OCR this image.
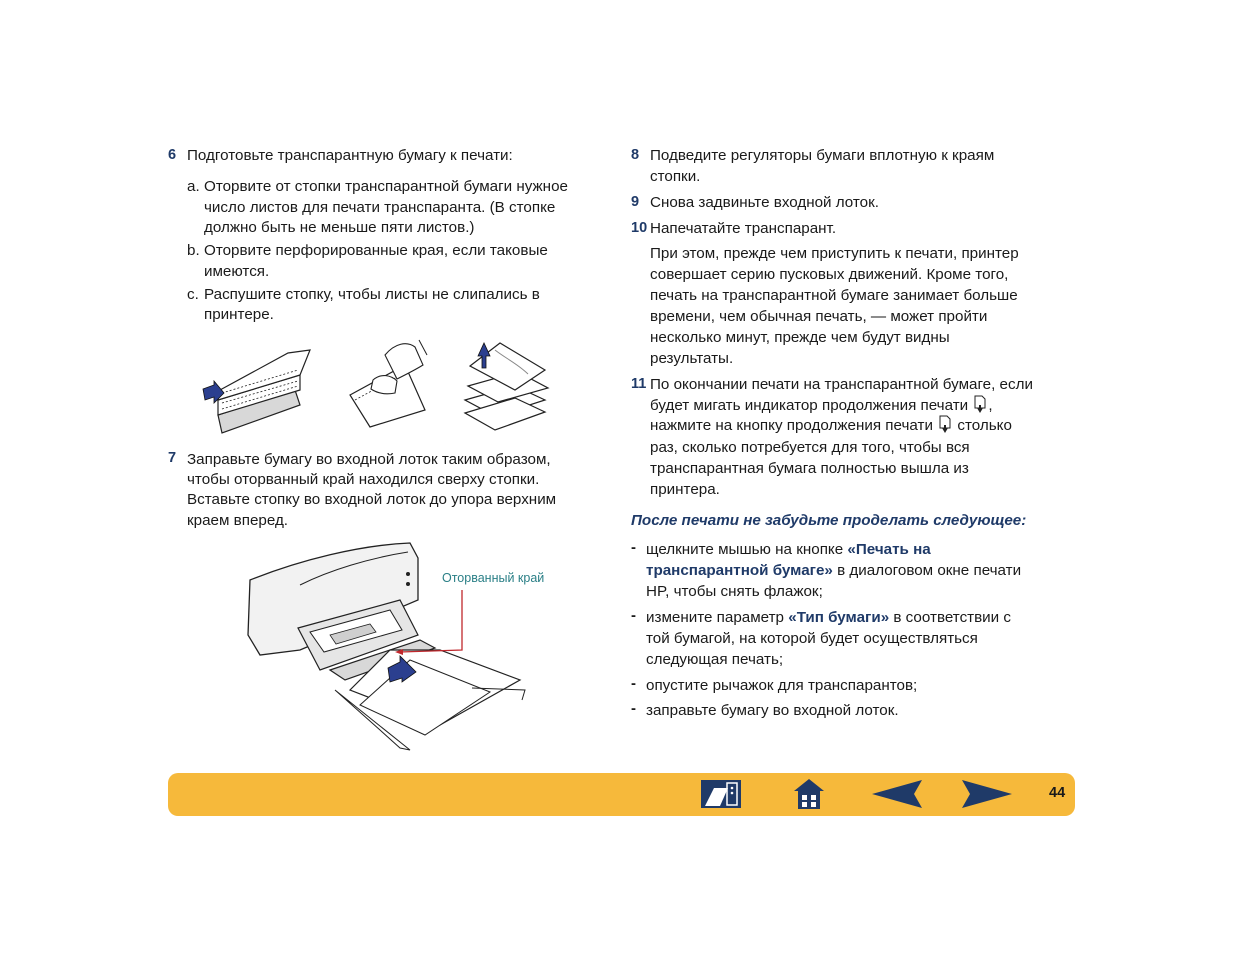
6 Подготовьте транспарантную бумагу к печати:

a. Оторвите от стопки транспарантной бумаги нужное

число листов для печати транспаранта. (В стопке

должно быть не меньше пяти листов.)

b. Оторвите перфорированные края, если таковые

имеются.

c. Распушите стопку, чтобы листы не слипались в

принтере.

7 Заправьте бумагу во входной лоток таким образом,

чтобы оторванный край находился сверху стопки.

Вставьте стопку во входной лоток до упора верхним

краем вперед.

Оторванный край
8 Подведите регуляторы бумаги вплотную к краям

стопки.

9 Снова задвиньте входной лоток.

10 Напечатайте транспарант.

При этом, прежде чем приступить к печати, принтер

совершает серию пусковых движений. Кроме того,

печать на транспарантной бумаге занимает больше

времени, чем обычная печать, — может пройти

несколько минут, прежде чем будут видны

результаты.

11 По окончании печати на транспарантной бумаге, если

будет мигать индикатор продолжения печати ,

нажмите на кнопку продолжения печати столько

раз, сколько потребуется для того, чтобы вся

транспарантная бумага полностью вышла из

принтера.

После печати не забудьте проделать следующее:

- щелкните мышью на кнопке «Печать на

транспарантной бумаге» в диалоговом окне печати

HP, чтобы снять флажок;

- измените параметр «Тип бумаги» в соответствии с

той бумагой, на которой будет осуществляться

следующая печать;

- опустите рычажок для транспарантов;

- заправьте бумагу во входной лоток.

44
